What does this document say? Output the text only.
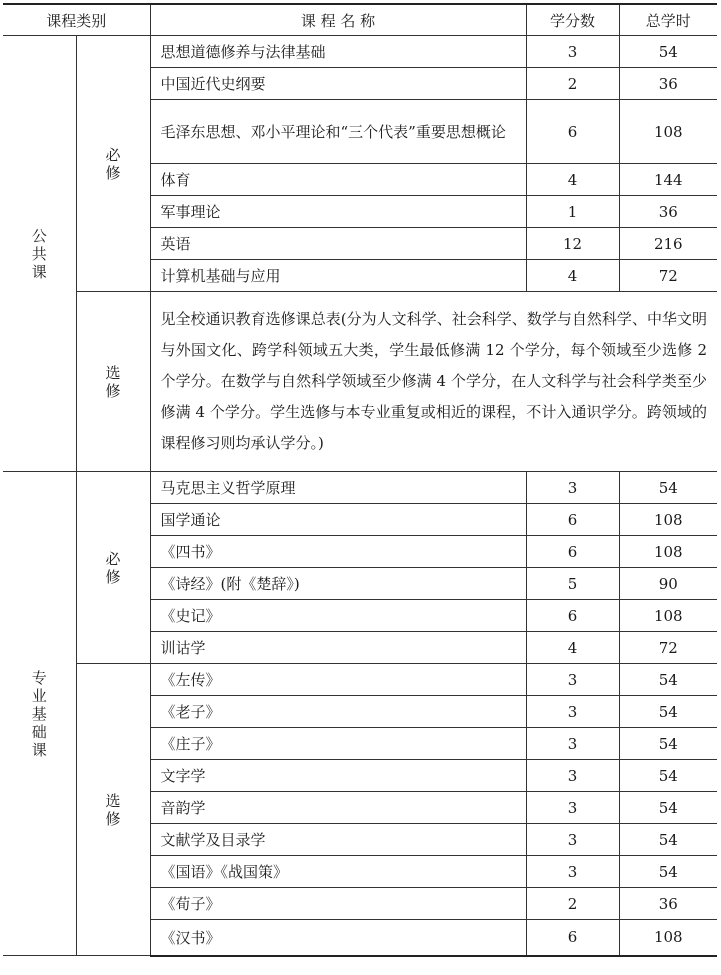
课程类别		课 程 名 称	学分数	总学时
公共课	必修	思想道德修养与法律基础	3	54
		中国近代史纲要	2	36
		毛泽东思想、邓小平理论和“三个代表”重要思想概论	6	108
		体育	4	144
		军事理论	1	36
		英语	12	216
		计算机基础与应用	4	72
	选修	见全校通识教育选修课总表(分为人文科学、社会科学、数学与自然科学、中华文明与外国文化、跨学科领域五大类，学生最低修满 12 个学分，每个领域至少选修 2 个学分。在数学与自然科学领域至少修满 4 个学分，在人文科学与社会科学类至少修满 4 个学分。学生选修与本专业重复或相近的课程，不计入通识学分。跨领域的课程修习则均承认学分。)		
专业基础课	必修	马克思主义哲学原理	3	54
		国学通论	6	108
		《四书》	6	108
		《诗经》(附《楚辞》)	5	90
		《史记》	6	108
		训诂学	4	72
	选修	《左传》	3	54
		《老子》	3	54
		《庄子》	3	54
		文字学	3	54
		音韵学	3	54
		文献学及目录学	3	54
		《国语》《战国策》	3	54
		《荀子》	2	36
		《汉书》	6	108
